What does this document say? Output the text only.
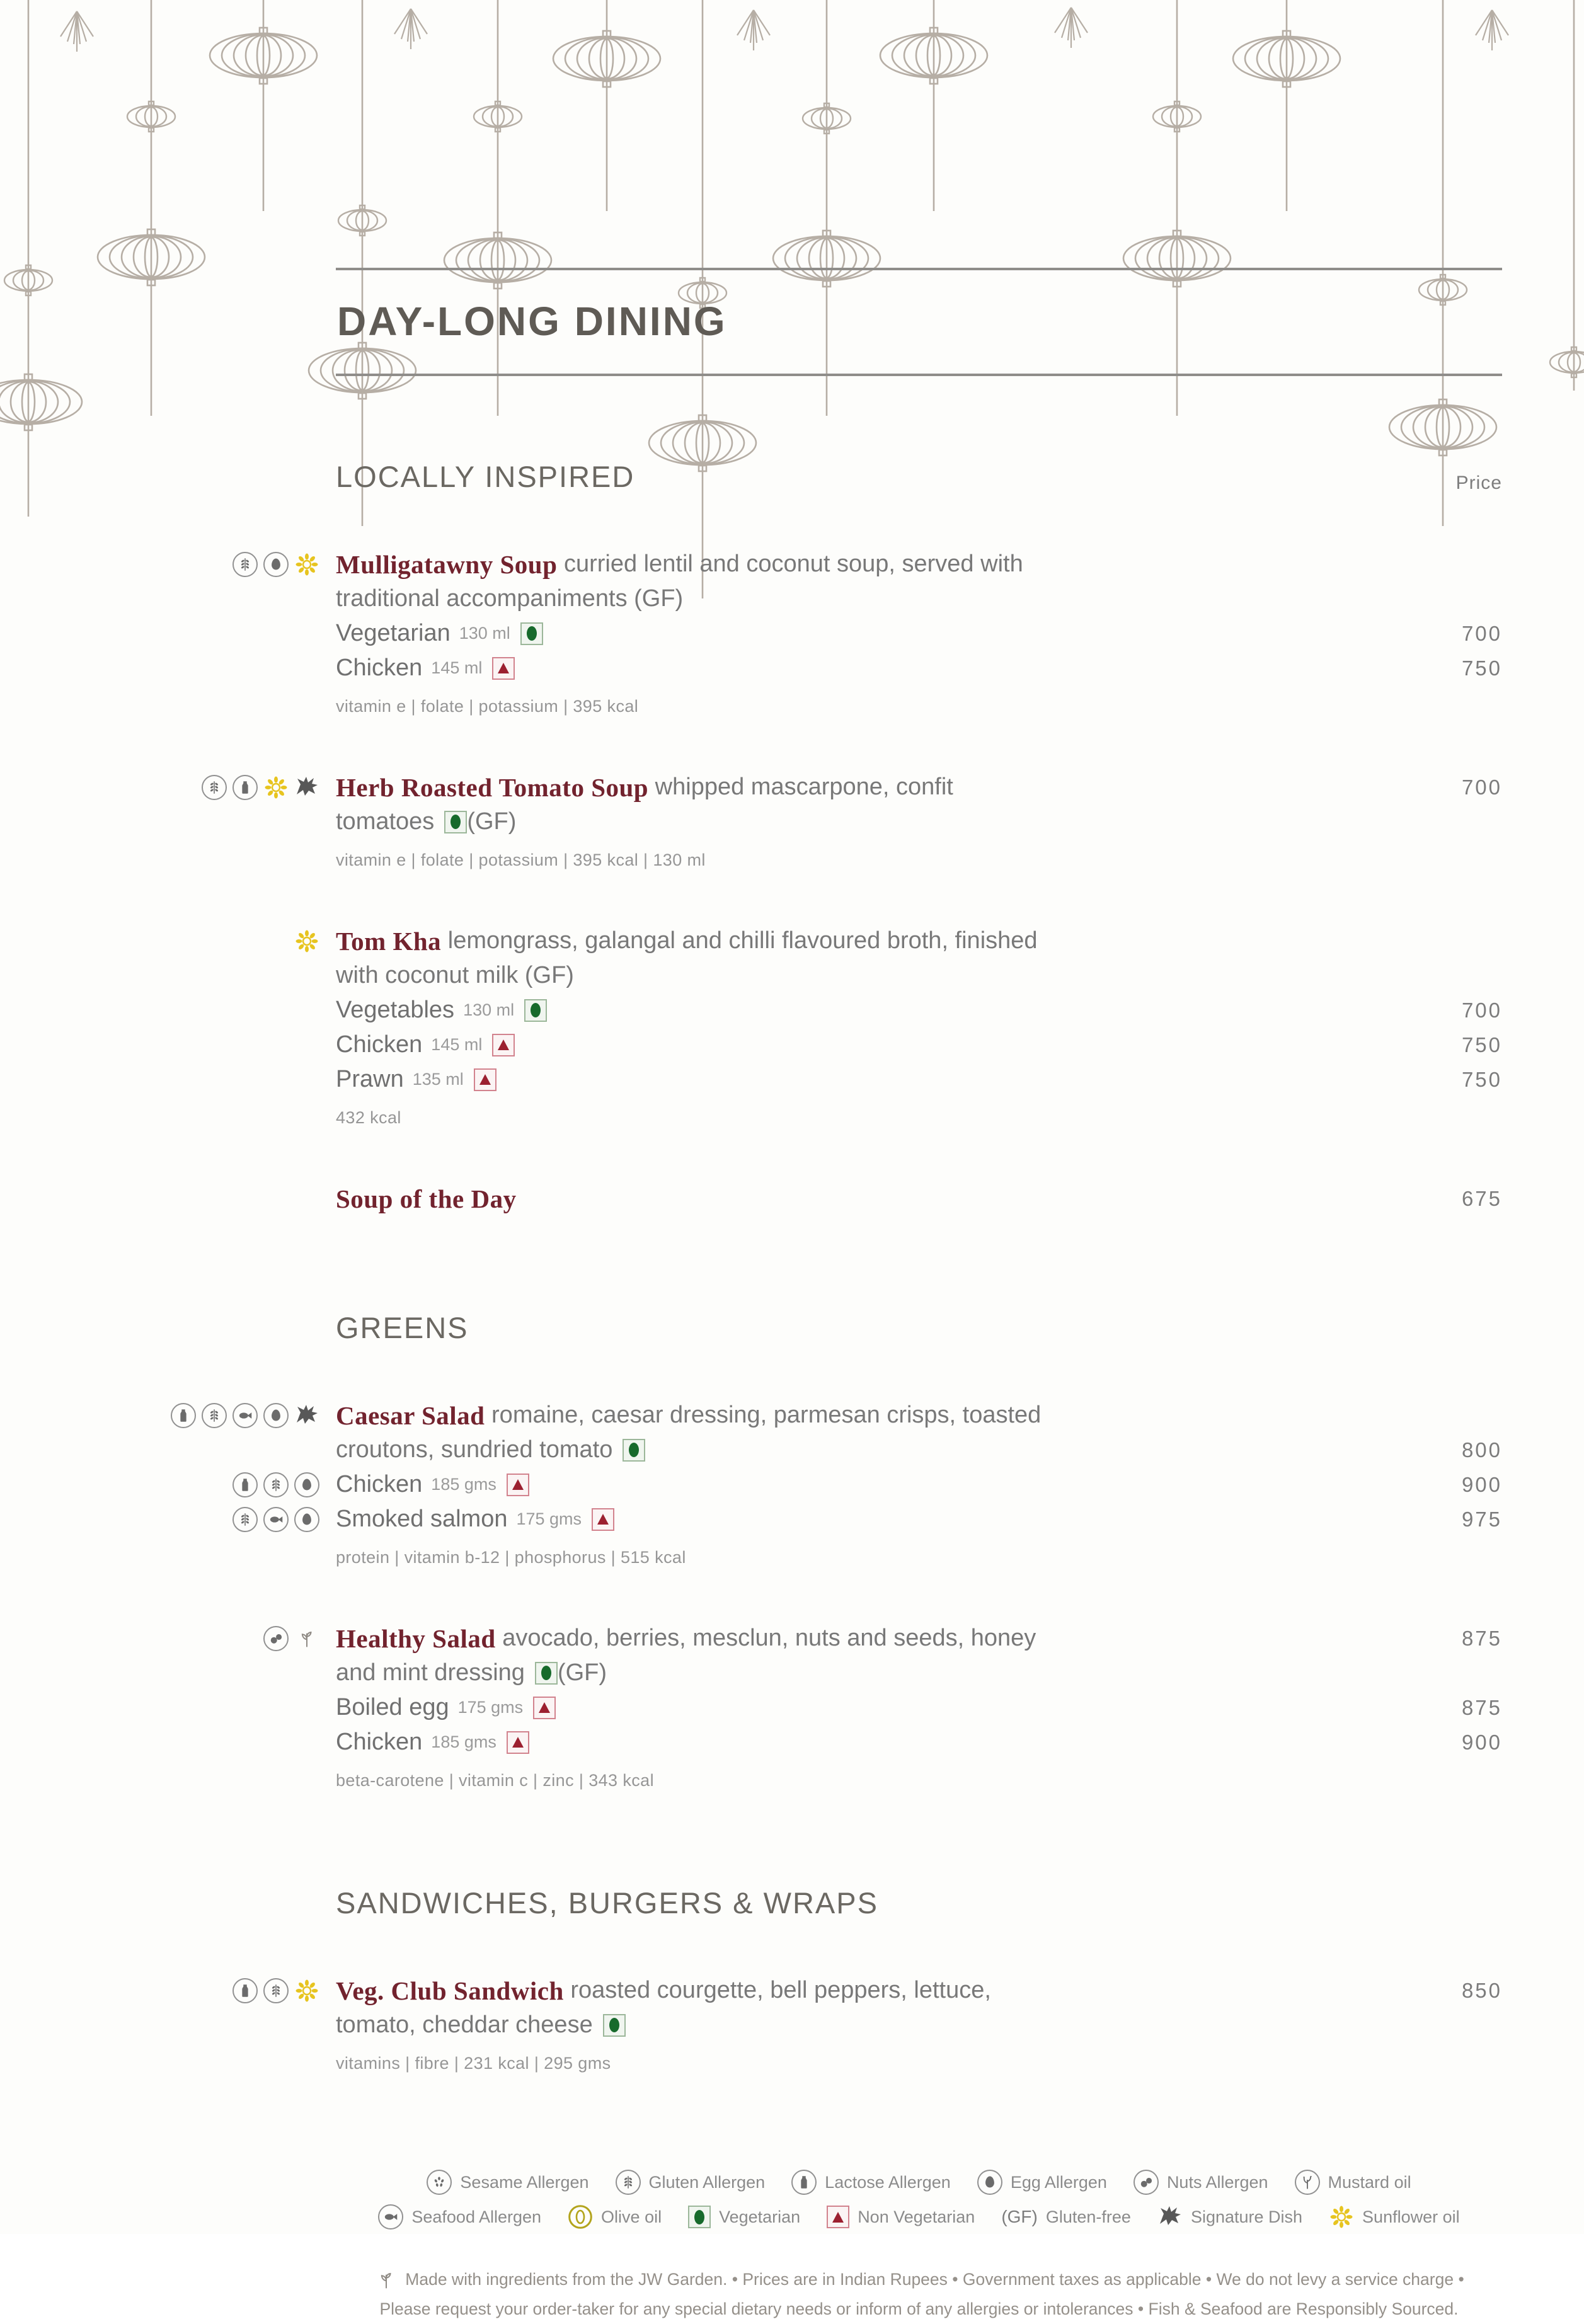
DAY-LONG DINING
LOCALLY INSPIRED	Price
Mulligatawny Soup curried lentil and coconut soup, served with
traditional accompaniments (GF)
Vegetarian 130 ml	700
Chicken 145 ml	750
vitamin e | folate | potassium | 395 kcal
Herb Roasted Tomato Soup whipped mascarpone, confit	700
tomatoes (GF)
vitamin e | folate | potassium | 395 kcal | 130 ml
Tom Kha lemongrass, galangal and chilli flavoured broth, finished
with coconut milk (GF)
Vegetables 130 ml	700
Chicken 145 ml	750
Prawn 135 ml	750
432 kcal
Soup of the Day	675
GREENS
Caesar Salad romaine, caesar dressing, parmesan crisps, toasted
croutons, sundried tomato	800
Chicken 185 gms	900
Smoked salmon 175 gms	975
protein | vitamin b-12 | phosphorus | 515 kcal
Healthy Salad avocado, berries, mesclun, nuts and seeds, honey	875
and mint dressing (GF)
Boiled egg 175 gms	875
Chicken 185 gms	900
beta-carotene | vitamin c | zinc | 343 kcal
SANDWICHES, BURGERS & WRAPS
Veg. Club Sandwich roasted courgette, bell peppers, lettuce,	850
tomato, cheddar cheese
vitamins | fibre | 231 kcal | 295 gms
Sesame Allergen	Gluten Allergen	Lactose Allergen	Egg Allergen	Nuts Allergen	Mustard oil
Seafood Allergen	Olive oil	Vegetarian	Non Vegetarian (GF) Gluten-free	Signature Dish	Sunflower oil
Made with ingredients from the JW Garden. • Prices are in Indian Rupees • Government taxes as applicable • We do not levy a service charge •
Please request your order-taker for any special dietary needs or inform of any allergies or intolerances • Fish & Seafood are Responsibly Sourced.
